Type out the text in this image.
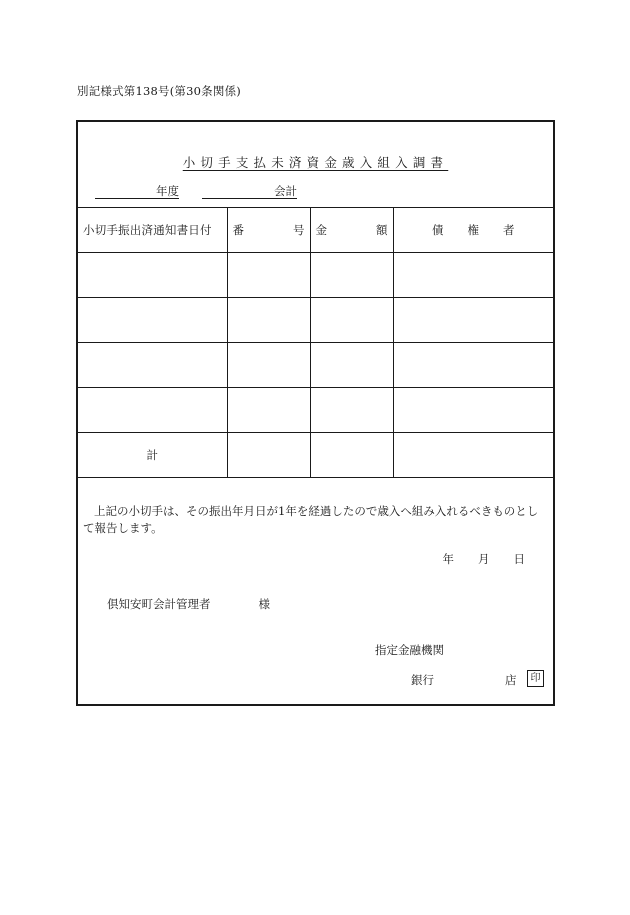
別記様式第138号(第30条関係)
小切手支払未済資金歳入組入調書
年度	会計
小切手振出済通知書日付	番 号	金 額	債 権 者

計			
上記の小切手は、その振出年月日が1年を経過したので歳入へ組み入れるべきものとして報告します。
年 月 日
倶知安町会計管理者	様
指定金融機関
銀行	店	印
